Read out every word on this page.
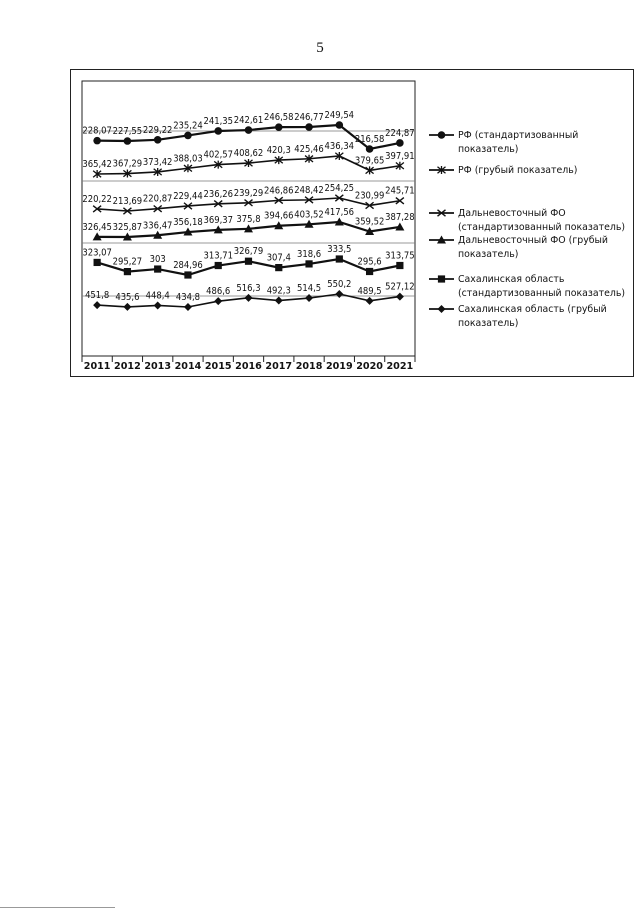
5
2011 2012 2013 2014 2015 2016 2017 2018 2019 2020 2021
228,07 227,55 229,22 235,24 241,35 242,61 246,58 246,77 249,54
216,58
224,87
365,42 367,29 373,42 388,03 402,57 408,62 420,3 425,46 436,34
379,65 397,91
220,22 213,69 220,87 229,44 236,26 239,29 246,86 248,42 254,25
230,99 245,71
326,45 325,87 336,47 356,18 369,37 375,8 394,66 403,52 417,56
359,52 387,28
323,07
295,27 303
284,96
313,71 326,79
307,4 318,6 333,5
295,6
313,75
451,8 435,6 448,4 434,8
486,6 516,3 492,3 514,5 550,2
489,5 527,12
РФ (стандартизованный
показатель)
РФ (грубый показатель)
Дальневосточный ФО
(стандартизованный показатель)
Дальневосточный ФО (грубый
показатель)
Сахалинская область
(стандартизованный показатель)
Сахалинская область (грубый
показатель)
